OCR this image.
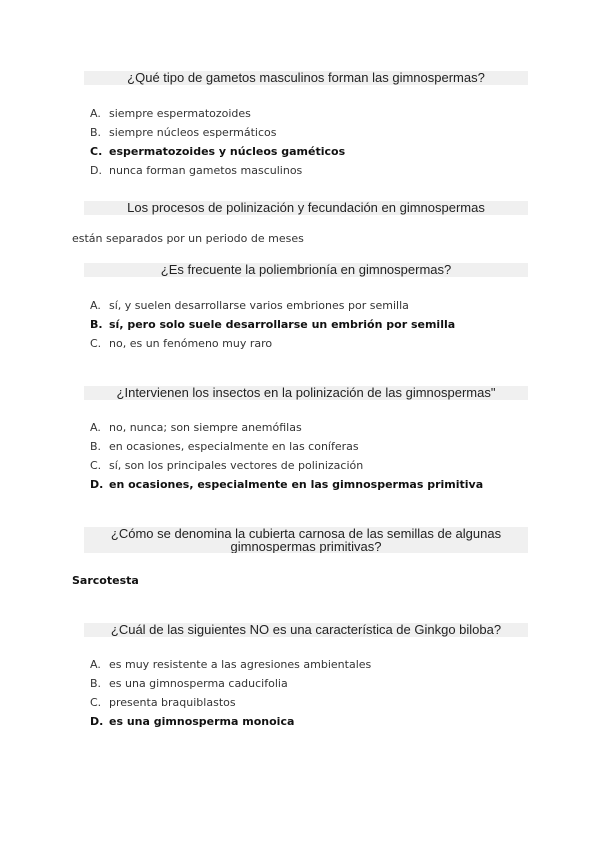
¿Qué tipo de gametos masculinos forman las gimnospermas?
A. siempre espermatozoides
B. siempre núcleos espermáticos
C. espermatozoides y núcleos gaméticos
D. nunca forman gametos masculinos
Los procesos de polinización y fecundación en gimnospermas
están separados por un periodo de meses
¿Es frecuente la poliembrionía en gimnospermas?
A. sí, y suelen desarrollarse varios embriones por semilla
B. sí, pero solo suele desarrollarse un embrión por semilla
C. no, es un fenómeno muy raro
¿Intervienen los insectos en la polinización de las gimnospermas"
A. no, nunca; son siempre anemófilas
B. en ocasiones, especialmente en las coníferas
C. sí, son los principales vectores de polinización
D. en ocasiones, especialmente en las gimnospermas primitiva
¿Cómo se denomina la cubierta carnosa de las semillas de algunas gimnospermas primitivas?
Sarcotesta
¿Cuál de las siguientes NO es una característica de Ginkgo biloba?
A. es muy resistente a las agresiones ambientales
B. es una gimnosperma caducifolia
C. presenta braquiblastos
D. es una gimnosperma monoica
